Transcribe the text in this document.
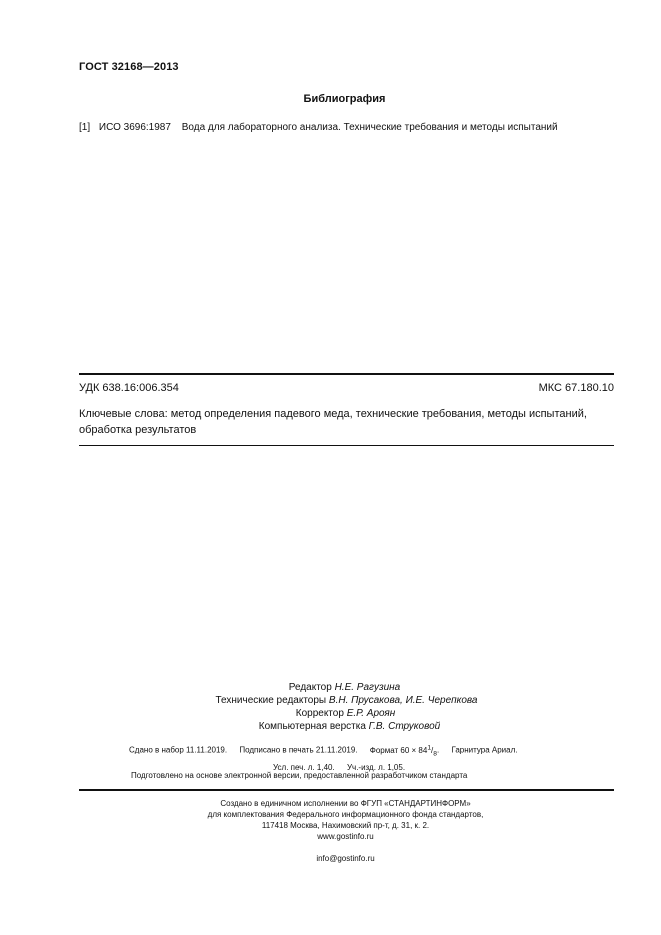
ГОСТ 32168—2013
Библиография
[1] ИСО 3696:1987 Вода для лабораторного анализа. Технические требования и методы испытаний
УДК 638.16:006.354	МКС 67.180.10
Ключевые слова: метод определения падевого меда, технические требования, методы испытаний, обработка результатов
Редактор Н.Е. Рагузина
Технические редакторы В.Н. Прусакова, И.Е. Черепкова
Корректор Е.Р. Ароян
Компьютерная верстка Г.В. Струковой
Сдано в набор 11.11.2019. Подписано в печать 21.11.2019. Формат $60 \times 84^1/_8$. Гарнитура Ариал.
Усл. печ. л. 1,40. Уч.-изд. л. 1,05.
Подготовлено на основе электронной версии, предоставленной разработчиком стандарта
Создано в единичном исполнении во ФГУП «СТАНДАРТИНФОРМ»
для комплектования Федерального информационного фонда стандартов,
117418 Москва, Нахимовский пр-т, д. 31, к. 2.
www.gostinfo.ru

info@gostinfo.ru
